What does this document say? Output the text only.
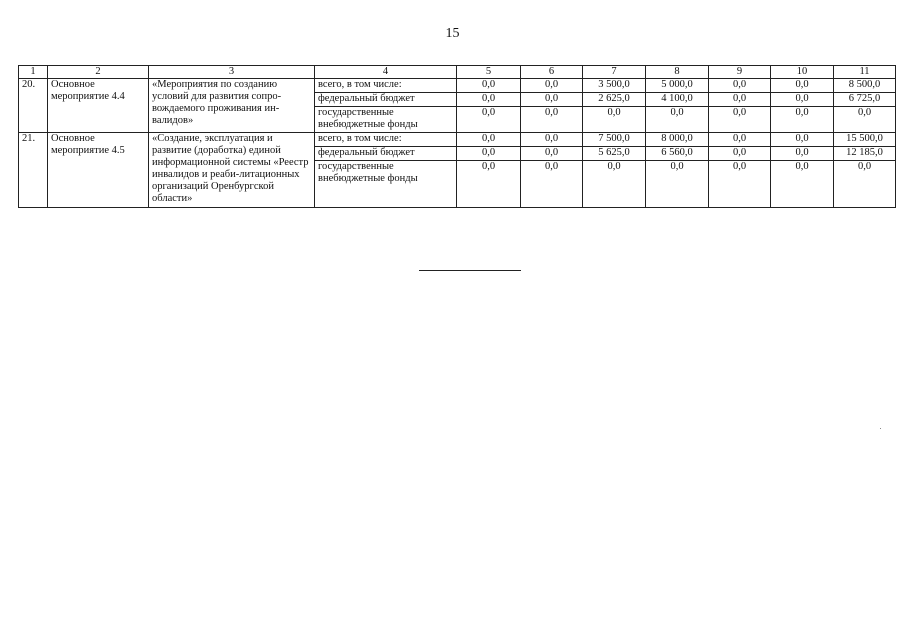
15
1	2	3	4	5	6	7	8	9	10	11
20.	Основное мероприятие 4.4	«Мероприятия по созданию условий для развития сопро-вождаемого проживания ин-валидов»	всего, в том числе:	0,0	0,0	3 500,0	5 000,0	0,0	0,0	8 500,0
			федеральный бюджет	0,0	0,0	2 625,0	4 100,0	0,0	0,0	6 725,0
			государственные внебюджетные фонды	0,0	0,0	0,0	0,0	0,0	0,0	0,0
21.	Основное мероприятие 4.5	«Создание, эксплуатация и развитие (доработка) единой информационной системы «Реестр инвалидов и реаби-литационных организаций Оренбургской области»	всего, в том числе:	0,0	0,0	7 500,0	8 000,0	0,0	0,0	15 500,0
			федеральный бюджет	0,0	0,0	5 625,0	6 560,0	0,0	0,0	12 185,0
			государственные внебюджетные фонды	0,0	0,0	0,0	0,0	0,0	0,0	0,0
